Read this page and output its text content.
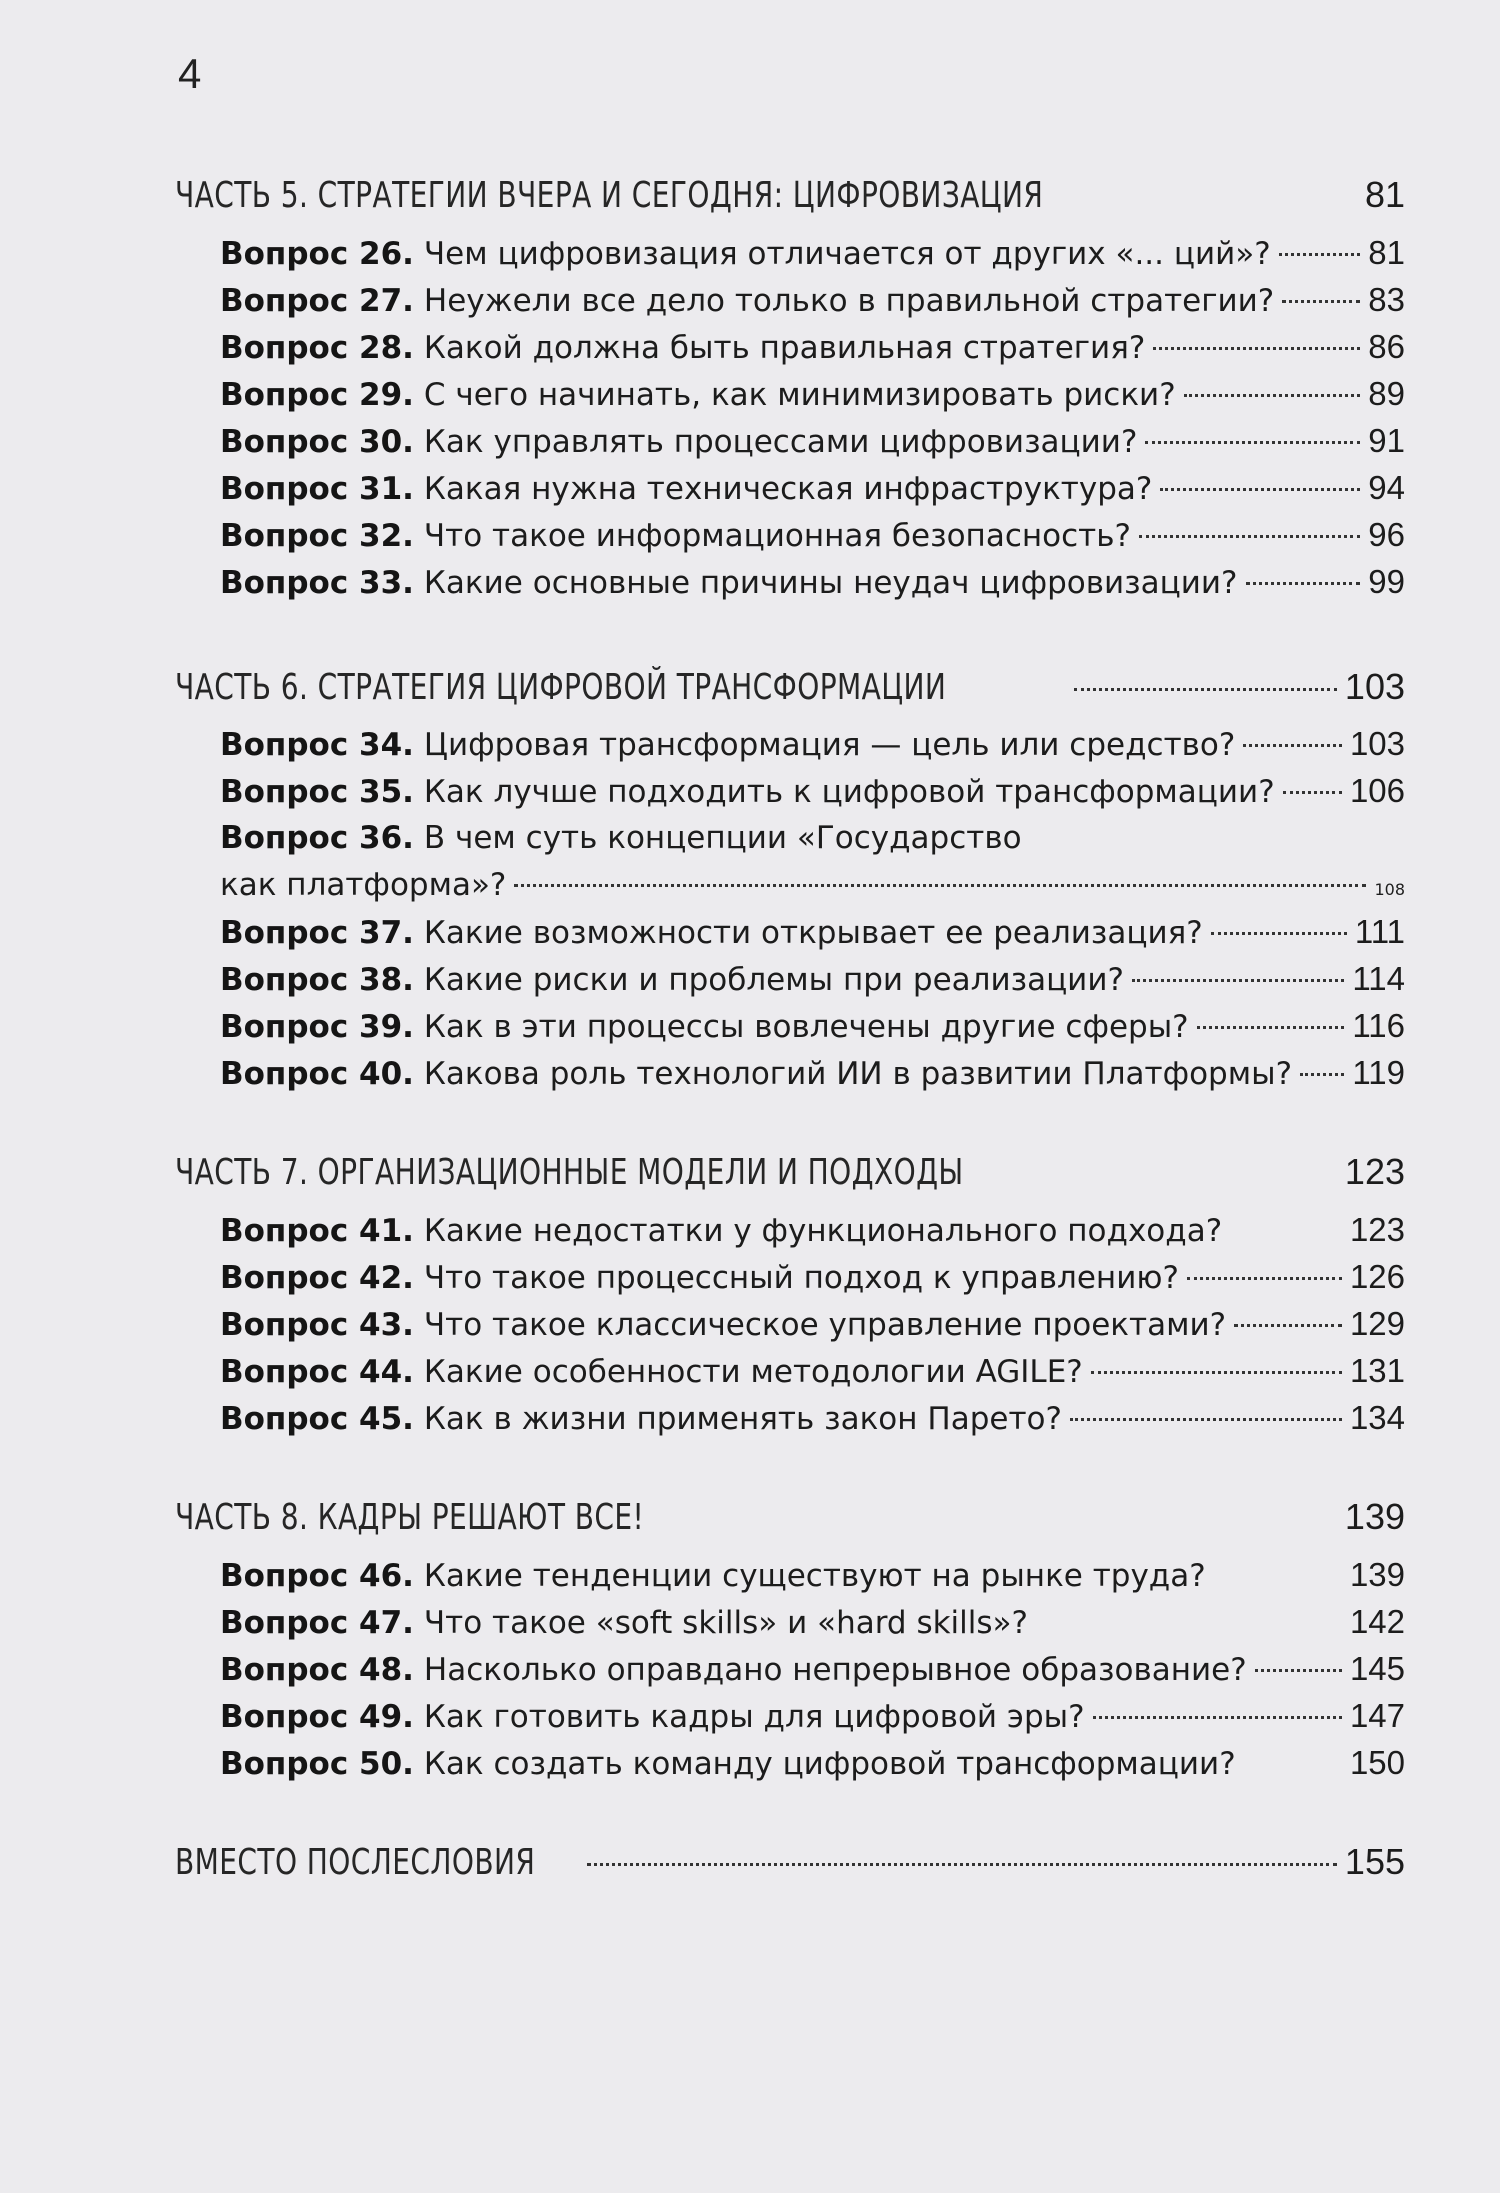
4
ЧАСТЬ 5. СТРАТЕГИИ ВЧЕРА И СЕГОДНЯ: ЦИФРОВИЗАЦИЯ	81
Вопрос 26. Чем цифровизация отличается от других «... ций»?	81
Вопрос 27. Неужели все дело только в правильной стратегии?	83
Вопрос 28. Какой должна быть правильная стратегия?	86
Вопрос 29. С чего начинать, как минимизировать риски?	89
Вопрос 30. Как управлять процессами цифровизации?	91
Вопрос 31. Какая нужна техническая инфраструктура?	94
Вопрос 32. Что такое информационная безопасность?	96
Вопрос 33. Какие основные причины неудач цифровизации?	99
ЧАСТЬ 6. СТРАТЕГИЯ ЦИФРОВОЙ ТРАНСФОРМАЦИИ	103
Вопрос 34. Цифровая трансформация — цель или средство?	103
Вопрос 35. Как лучше подходить к цифровой трансформации? 106
Вопрос 36. В чем суть концепции «Государство
как платформа»?	108
Вопрос 37. Какие возможности открывает ее реализация?	111
Вопрос 38. Какие риски и проблемы при реализации?	114
Вопрос 39. Как в эти процессы вовлечены другие сферы?	116
Вопрос 40. Какова роль технологий ИИ в развитии Платформы? 119
ЧАСТЬ 7. ОРГАНИЗАЦИОННЫЕ МОДЕЛИ И ПОДХОДЫ	123
Вопрос 41. Какие недостатки у функционального подхода?	123
Вопрос 42. Что такое процессный подход к управлению?	126
Вопрос 43. Что такое классическое управление проектами?	129
Вопрос 44. Какие особенности методологии AGILE?	131
Вопрос 45. Как в жизни применять закон Парето?	134
ЧАСТЬ 8. КАДРЫ РЕШАЮТ ВСЕ!	139
Вопрос 46. Какие тенденции существуют на рынке труда?	139
Вопрос 47. Что такое «soft skills» и «hard skills»?	142
Вопрос 48. Насколько оправдано непрерывное образование?	145
Вопрос 49. Как готовить кадры для цифровой эры?	147
Вопрос 50. Как создать команду цифровой трансформации?	150
ВМЕСТО ПОСЛЕСЛОВИЯ	155
